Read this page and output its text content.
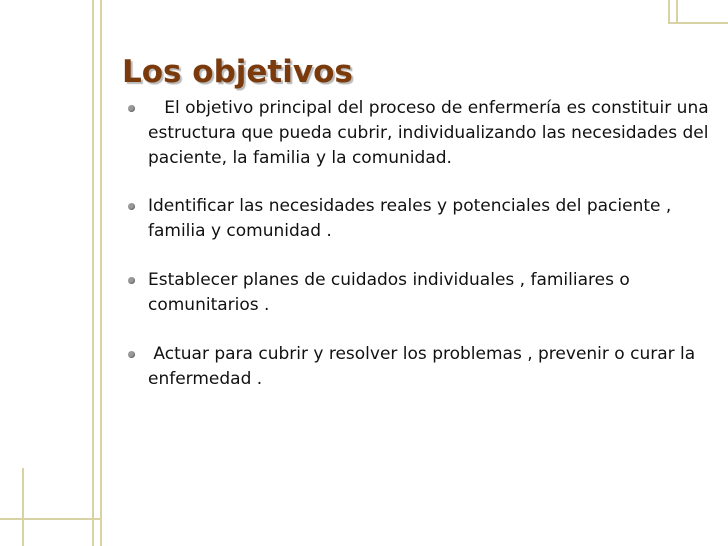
Los objetivos
El objetivo principal del proceso de enfermería es constituir una estructura que pueda cubrir, individualizando las necesidades del paciente, la familia y la comunidad.
Identificar las necesidades reales y potenciales del paciente , familia y comunidad .
Establecer planes de cuidados individuales , familiares o comunitarios .
Actuar para cubrir y resolver los problemas , prevenir o curar la enfermedad .
